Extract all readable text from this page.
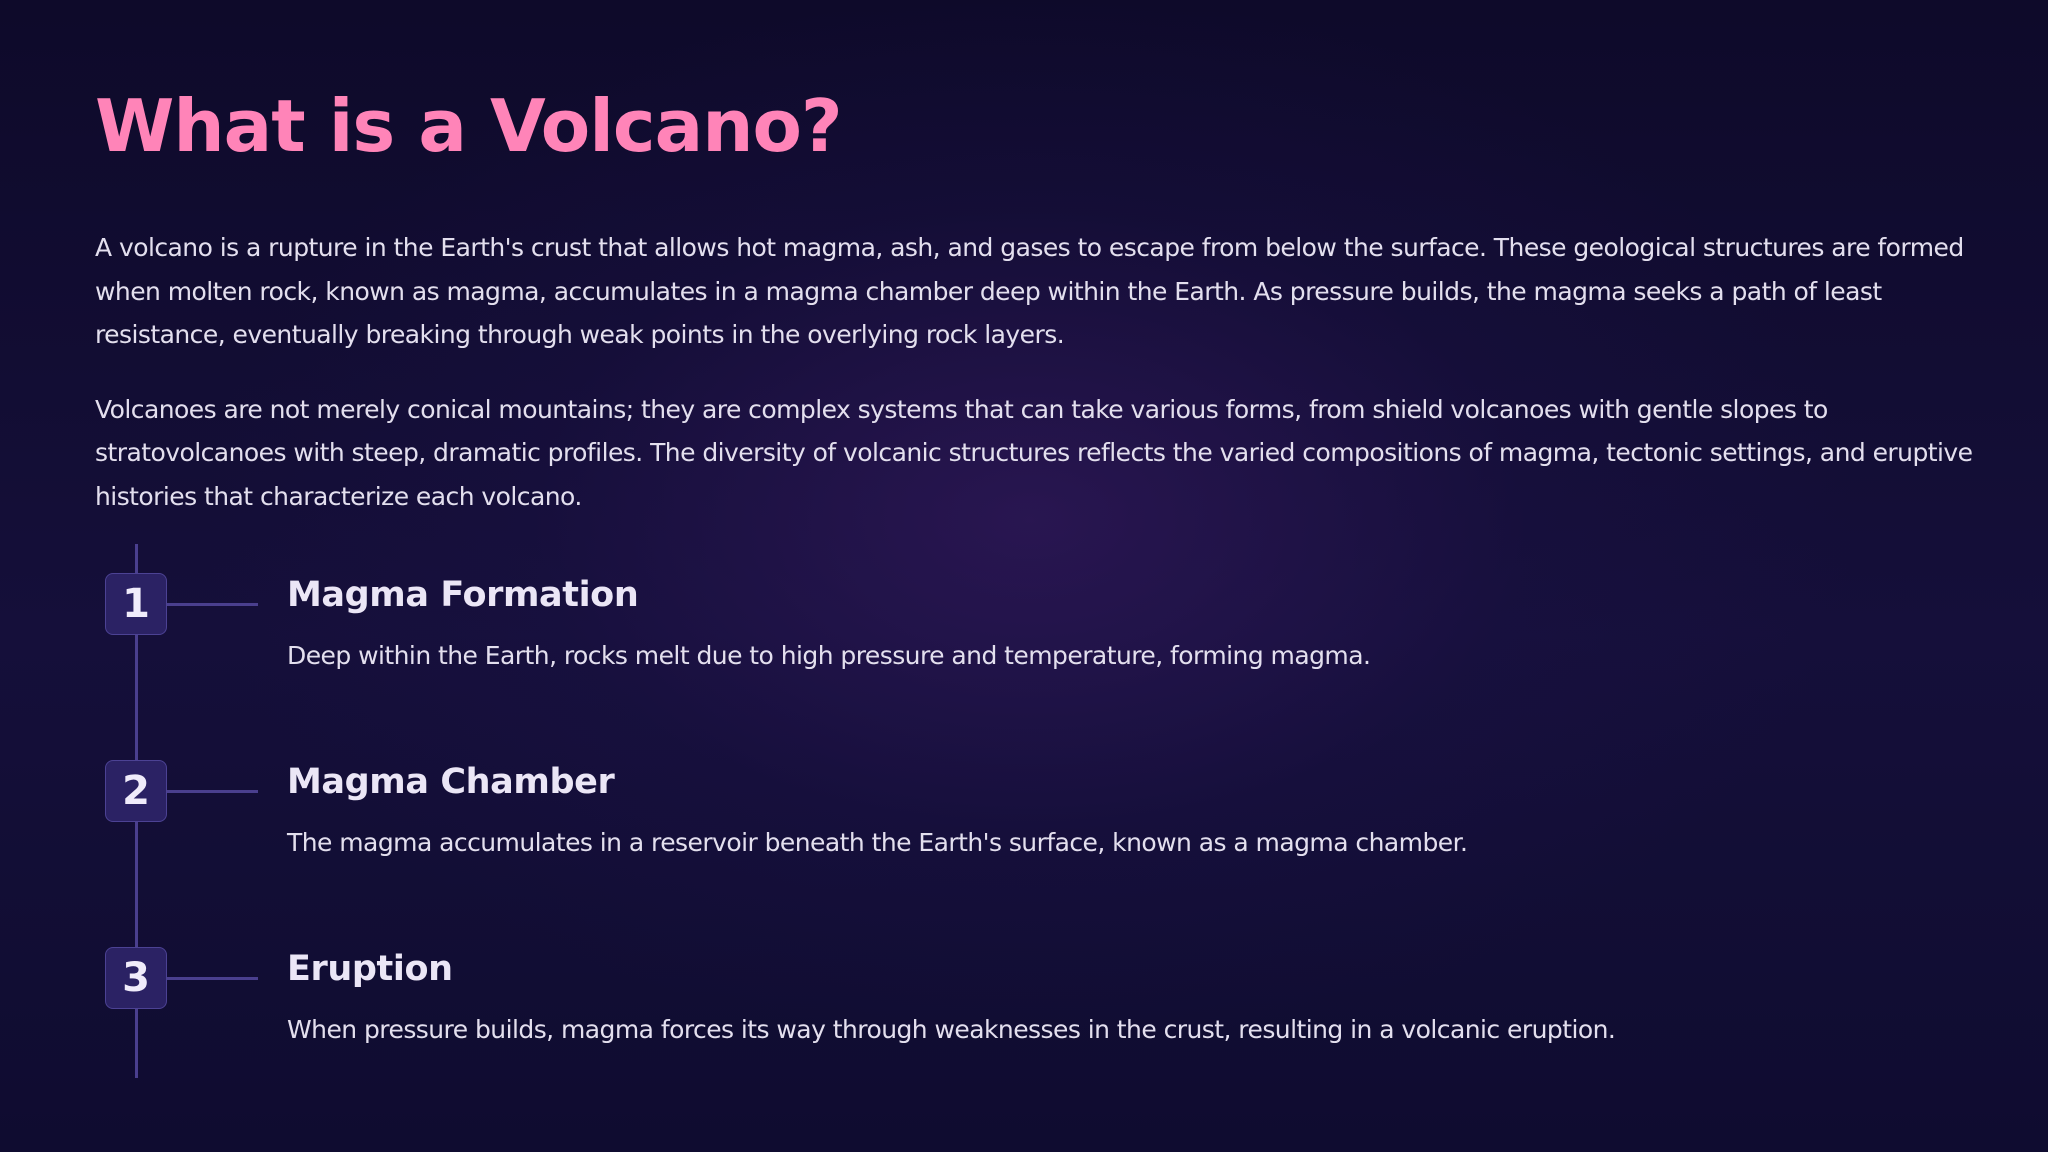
What is a Volcano?

A volcano is a rupture in the Earth's crust that allows hot magma, ash, and gases to escape from below the surface. These geological structures are formed when molten rock, known as magma, accumulates in a magma chamber deep within the Earth. As pressure builds, the magma seeks a path of least resistance, eventually breaking through weak points in the overlying rock layers.

Volcanoes are not merely conical mountains; they are complex systems that can take various forms, from shield volcanoes with gentle slopes to stratovolcanoes with steep, dramatic profiles. The diversity of volcanic structures reflects the varied compositions of magma, tectonic settings, and eruptive histories that characterize each volcano.

1	Magma Formation

Deep within the Earth, rocks melt due to high pressure and temperature, forming magma.

2	Magma Chamber

The magma accumulates in a reservoir beneath the Earth's surface, known as a magma chamber.

3	Eruption

When pressure builds, magma forces its way through weaknesses in the crust, resulting in a volcanic eruption.
